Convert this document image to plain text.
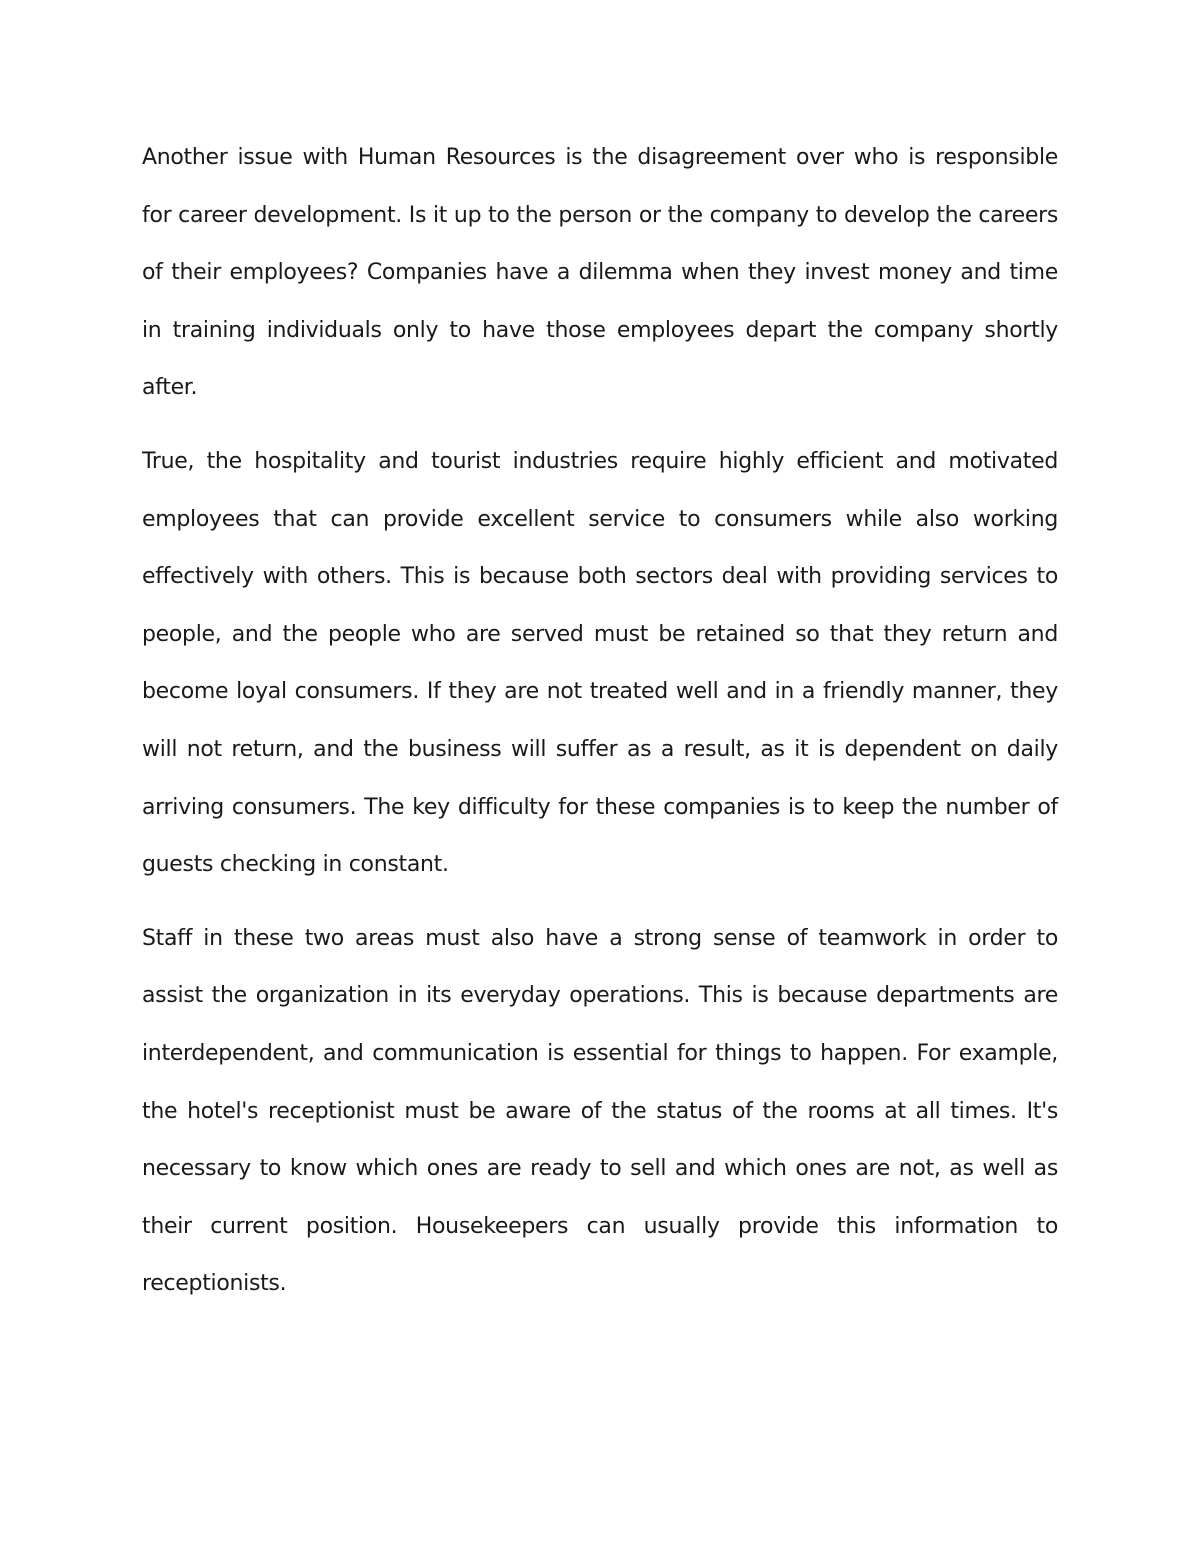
Another issue with Human Resources is the disagreement over who is responsible for career development. Is it up to the person or the company to develop the careers of their employees? Companies have a dilemma when they invest money and time in training individuals only to have those employees depart the company shortly after.

True, the hospitality and tourist industries require highly efficient and motivated employees that can provide excellent service to consumers while also working effectively with others. This is because both sectors deal with providing services to people, and the people who are served must be retained so that they return and become loyal consumers. If they are not treated well and in a friendly manner, they will not return, and the business will suffer as a result, as it is dependent on daily arriving consumers. The key difficulty for these companies is to keep the number of guests checking in constant.

Staff in these two areas must also have a strong sense of teamwork in order to assist the organization in its everyday operations. This is because departments are interdependent, and communication is essential for things to happen. For example, the hotel's receptionist must be aware of the status of the rooms at all times. It's necessary to know which ones are ready to sell and which ones are not, as well as their current position. Housekeepers can usually provide this information to receptionists.
